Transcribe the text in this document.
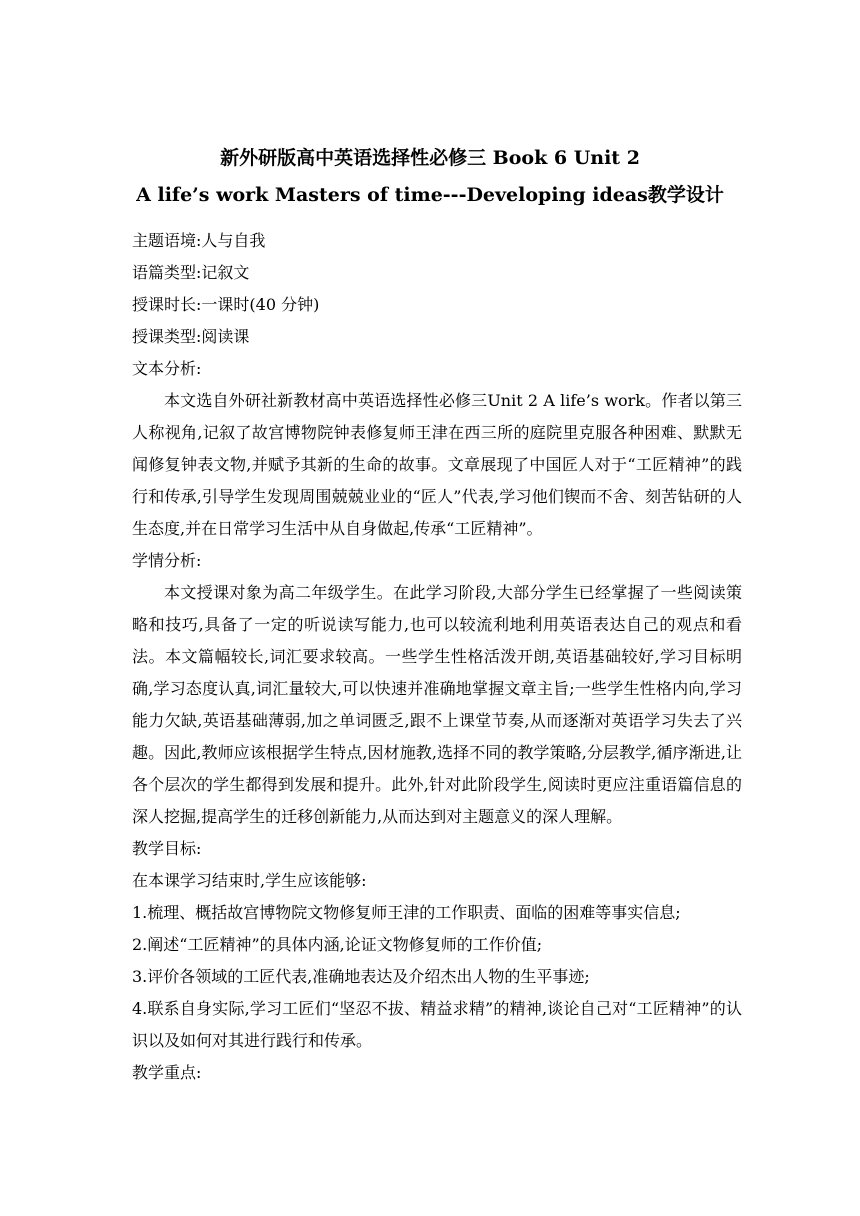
新外研版高中英语选择性必修三 Book 6 Unit 2
A life’s work Masters of time---Developing ideas教学设计
主题语境:人与自我
语篇类型:记叙文
授课时长:一课时(40 分钟)
授课类型:阅读课
文本分析:
本文选自外研社新教材高中英语选择性必修三Unit 2 A life’s work。作者以第三人称视角,记叙了故宫博物院钟表修复师王津在西三所的庭院里克服各种困难、默默无闻修复钟表文物,并赋予其新的生命的故事。文章展现了中国匠人对于“工匠精神”的践行和传承,引导学生发现周围兢兢业业的“匠人”代表,学习他们锲而不舍、刻苦钻研的人生态度,并在日常学习生活中从自身做起,传承“工匠精神”。
学情分析:
本文授课对象为高二年级学生。在此学习阶段,大部分学生已经掌握了一些阅读策略和技巧,具备了一定的听说读写能力,也可以较流利地利用英语表达自己的观点和看法。本文篇幅较长,词汇要求较高。一些学生性格活泼开朗,英语基础较好,学习目标明确,学习态度认真,词汇量较大,可以快速并准确地掌握文章主旨;一些学生性格内向,学习能力欠缺,英语基础薄弱,加之单词匮乏,跟不上课堂节奏,从而逐渐对英语学习失去了兴趣。因此,教师应该根据学生特点,因材施教,选择不同的教学策略,分层教学,循序渐进,让各个层次的学生都得到发展和提升。此外,针对此阶段学生,阅读时更应注重语篇信息的深人挖掘,提高学生的迁移创新能力,从而达到对主题意义的深人理解。
教学目标:
在本课学习结束时,学生应该能够:
1.梳理、概括故宫博物院文物修复师王津的工作职责、面临的困难等事实信息;
2.阐述“工匠精神”的具体内涵,论证文物修复师的工作价值;
3.评价各领域的工匠代表,准确地表达及介绍杰出人物的生平事迹;
4.联系自身实际,学习工匠们“坚忍不拔、精益求精”的精神,谈论自己对“工匠精神”的认识以及如何对其进行践行和传承。
教学重点:
